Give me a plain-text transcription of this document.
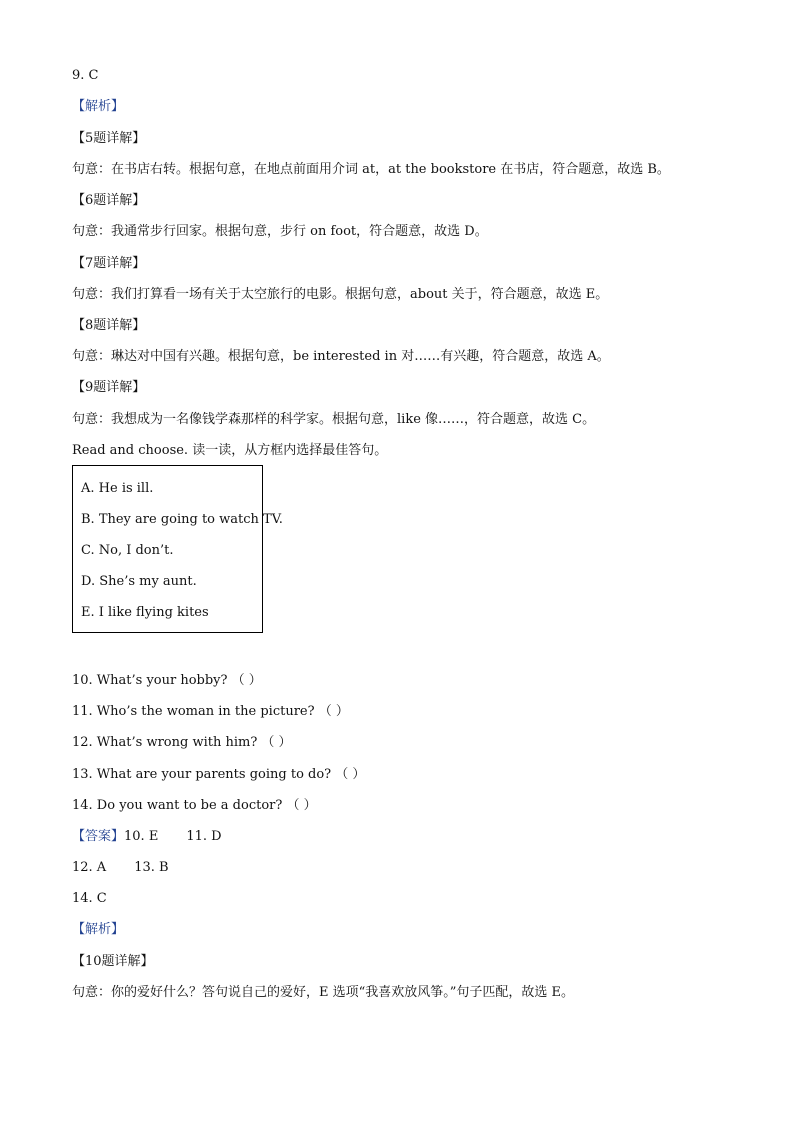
9. C
【解析】
【5题详解】
句意：在书店右转。根据句意，在地点前面用介词 at，at the bookstore 在书店，符合题意，故选 B。
【6题详解】
句意：我通常步行回家。根据句意，步行 on foot，符合题意，故选 D。
【7题详解】
句意：我们打算看一场有关于太空旅行的电影。根据句意，about 关于，符合题意，故选 E。
【8题详解】
句意：琳达对中国有兴趣。根据句意，be interested in 对……有兴趣，符合题意，故选 A。
【9题详解】
句意：我想成为一名像钱学森那样的科学家。根据句意，like 像……，符合题意，故选 C。
Read and choose. 读一读，从方框内选择最佳答句。
A. He is ill.
B. They are going to watch TV.
C. No, I don’t.
D. She’s my aunt.
E. I like flying kites
10. What’s your hobby? （ ）
11. Who’s the woman in the picture? （ ）
12. What’s wrong with him? （ ）
13. What are your parents going to do? （ ）
14. Do you want to be a doctor? （ ）
【答案】10. E 11. D
12. A 13. B
14. C
【解析】
【10题详解】
句意：你的爱好什么？答句说自己的爱好，E 选项“我喜欢放风筝。”句子匹配，故选 E。
